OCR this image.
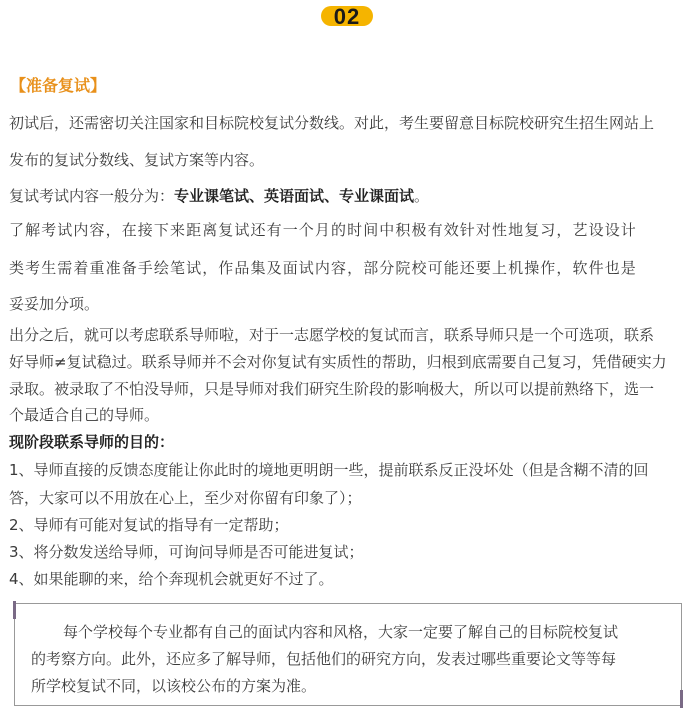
02
【准备复试】
初试后，还需密切关注国家和目标院校复试分数线。对此，考生要留意目标院校研究生招生网站上
发布的复试分数线、复试方案等内容。
复试考试内容一般分为：专业课笔试、英语面试、专业课面试。
了解考试内容，在接下来距离复试还有一个月的时间中积极有效针对性地复习，艺设设计
类考生需着重准备手绘笔试，作品集及面试内容，部分院校可能还要上机操作，软件也是
妥妥加分项。
出分之后，就可以考虑联系导师啦，对于一志愿学校的复试而言，联系导师只是一个可选项，联系
好导师≠复试稳过。联系导师并不会对你复试有实质性的帮助，归根到底需要自己复习，凭借硬实力
录取。被录取了不怕没导师，只是导师对我们研究生阶段的影响极大，所以可以提前熟络下，选一
个最适合自己的导师。
现阶段联系导师的目的：
1、导师直接的反馈态度能让你此时的境地更明朗一些，提前联系反正没坏处（但是含糊不清的回
答，大家可以不用放在心上，至少对你留有印象了）；
2、导师有可能对复试的指导有一定帮助；
3、将分数发送给导师，可询问导师是否可能进复试；
4、如果能聊的来，给个奔现机会就更好不过了。
每个学校每个专业都有自己的面试内容和风格，大家一定要了解自己的目标院校复试
的考察方向。此外，还应多了解导师，包括他们的研究方向，发表过哪些重要论文等等每
所学校复试不同，以该校公布的方案为准。
